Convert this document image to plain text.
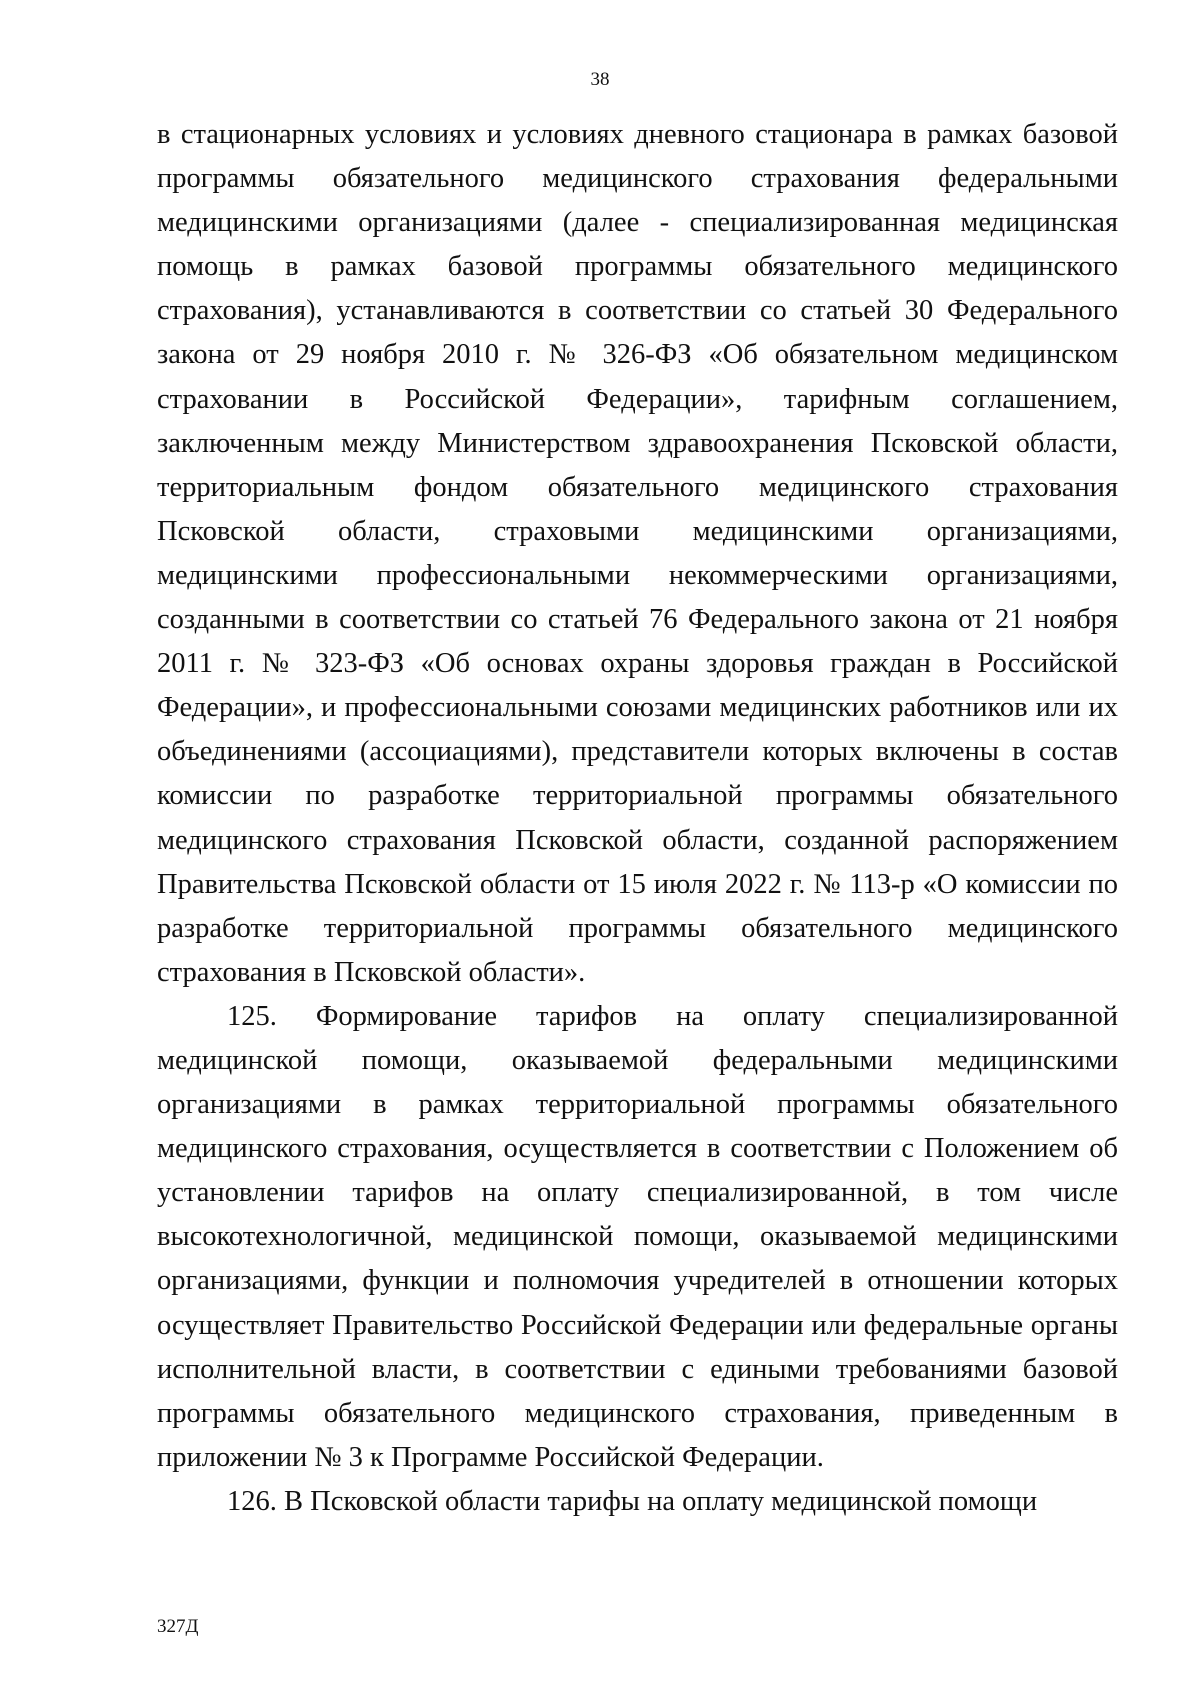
38

в стационарных условиях и условиях дневного стационара в рамках базовой программы обязательного медицинского страхования федеральными медицинскими организациями (далее - специализированная медицинская помощь в рамках базовой программы обязательного медицинского страхования), устанавливаются в соответствии со статьей 30 Федерального закона от 29 ноября 2010 г. № 326-ФЗ «Об обязательном медицинском страховании в Российской Федерации», тарифным соглашением, заключенным между Министерством здравоохранения Псковской области, территориальным фондом обязательного медицинского страхования Псковской области, страховыми медицинскими организациями, медицинскими профессиональными некоммерческими организациями, созданными в соответствии со статьей 76 Федерального закона от 21 ноября 2011 г. № 323-ФЗ «Об основах охраны здоровья граждан в Российской Федерации», и профессиональными союзами медицинских работников или их объединениями (ассоциациями), представители которых включены в состав комиссии по разработке территориальной программы обязательного медицинского страхования Псковской области, созданной распоряжением Правительства Псковской области от 15 июля 2022 г. № 113-р «О комиссии по разработке территориальной программы обязательного медицинского страхования в Псковской области».

125. Формирование тарифов на оплату специализированной медицинской помощи, оказываемой федеральными медицинскими организациями в рамках территориальной программы обязательного медицинского страхования, осуществляется в соответствии с Положением об установлении тарифов на оплату специализированной, в том числе высокотехнологичной, медицинской помощи, оказываемой медицинскими организациями, функции и полномочия учредителей в отношении которых осуществляет Правительство Российской Федерации или федеральные органы исполнительной власти, в соответствии с едиными требованиями базовой программы обязательного медицинского страхования, приведенным в приложении № 3 к Программе Российской Федерации.

126. В Псковской области тарифы на оплату медицинской помощи

327Д
